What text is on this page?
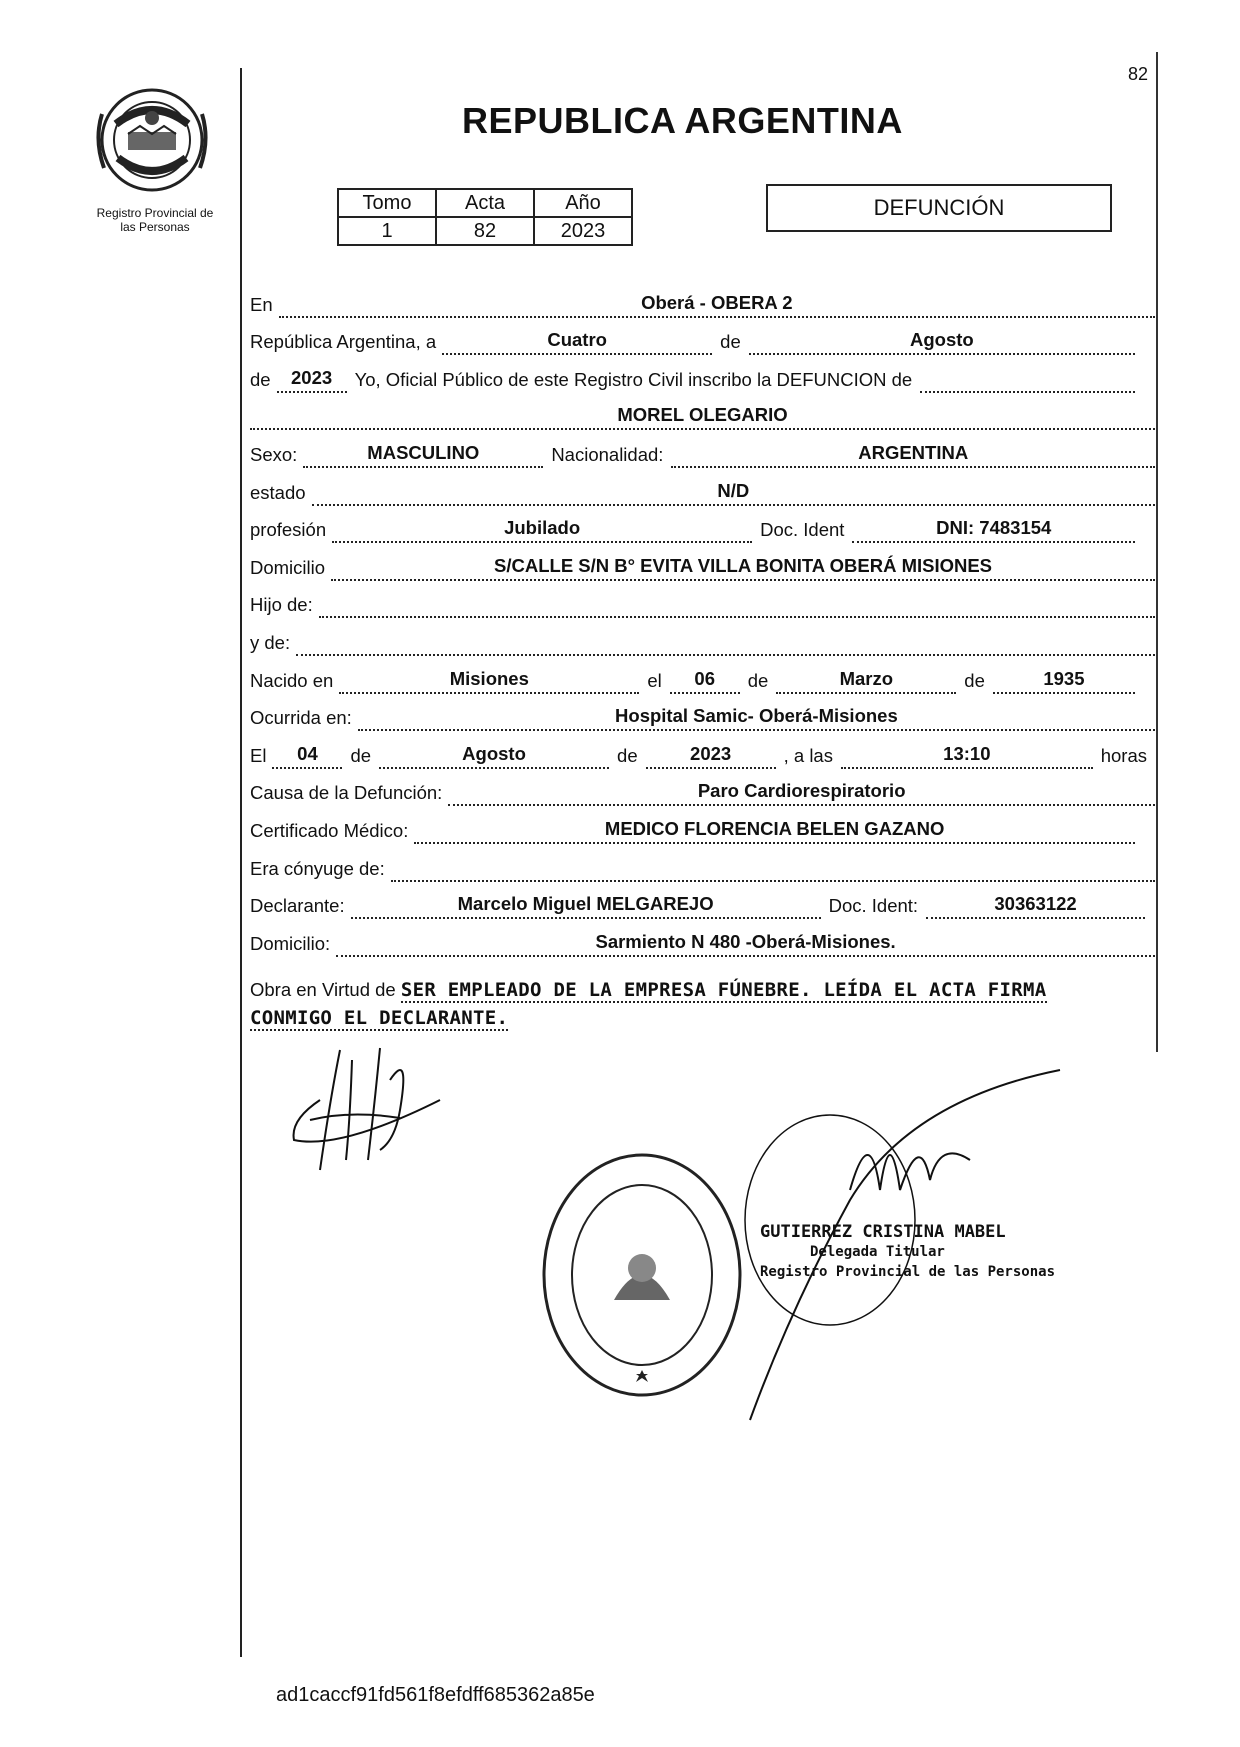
82
Registro Provincial de
las Personas
REPUBLICA ARGENTINA
Tomo	Acta	Año
1	82	2023
DEFUNCIÓN
En	Oberá - OBERA 2
República Argentina, a	Cuatro	de	Agosto
de	2023	Yo, Oficial Público de este Registro Civil inscribo la DEFUNCION de
MOREL OLEGARIO
Sexo:	MASCULINO	Nacionalidad:	ARGENTINA
estado	N/D
profesión	Jubilado	Doc. Ident	DNI: 7483154
Domicilio	S/CALLE S/N B° EVITA VILLA BONITA OBERÁ MISIONES
Hijo de:
y de:
Nacido en	Misiones	el	06	de	Marzo	de	1935
Ocurrida en:	Hospital Samic- Oberá-Misiones
El	04	de	Agosto	de	2023	, a las	13:10	horas
Causa de la Defunción:	Paro Cardiorespiratorio
Certificado Médico:	MEDICO FLORENCIA BELEN GAZANO
Era cónyuge de:
Declarante:	Marcelo Miguel MELGAREJO	Doc. Ident:	30363122
Domicilio:	Sarmiento N 480 -Oberá-Misiones.
Obra en Virtud de SER EMPLEADO DE LA EMPRESA FÚNEBRE. LEÍDA EL ACTA FIRMA
CONMIGO EL DECLARANTE.
GUTIERREZ CRISTINA MABEL
Delegada Titular
Registro Provincial de las Personas
ad1caccf91fd561f8efdff685362a85e
